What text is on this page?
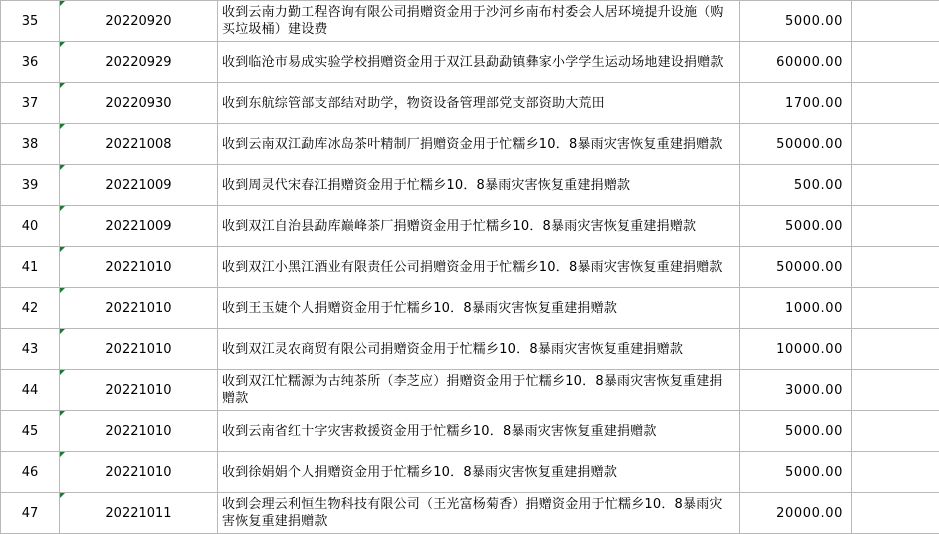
35	20220920	收到云南力勤工程咨询有限公司捐赠资金用于沙河乡南布村委会人居环境提升设施（购买垃圾桶）建设费	5000.00	
36	20220929	收到临沧市易成实验学校捐赠资金用于双江县勐勐镇彝家小学学生运动场地建设捐赠款	60000.00	
37	20220930	收到东航综管部支部结对助学，物资设备管理部党支部资助大荒田	1700.00	
38	20221008	收到云南双江勐库冰岛茶叶精制厂捐赠资金用于忙糯乡10．8暴雨灾害恢复重建捐赠款	50000.00	
39	20221009	收到周灵代宋春江捐赠资金用于忙糯乡10．8暴雨灾害恢复重建捐赠款	500.00	
40	20221009	收到双江自治县勐库巅峰茶厂捐赠资金用于忙糯乡10．8暴雨灾害恢复重建捐赠款	5000.00	
41	20221010	收到双江小黑江酒业有限责任公司捐赠资金用于忙糯乡10．8暴雨灾害恢复重建捐赠款	50000.00	
42	20221010	收到王玉婕个人捐赠资金用于忙糯乡10．8暴雨灾害恢复重建捐赠款	1000.00	
43	20221010	收到双江灵农商贸有限公司捐赠资金用于忙糯乡10．8暴雨灾害恢复重建捐赠款	10000.00	
44	20221010	收到双江忙糯源为古纯茶所（李芝应）捐赠资金用于忙糯乡10．8暴雨灾害恢复重建捐赠款	3000.00	
45	20221010	收到云南省红十字灾害救援资金用于忙糯乡10．8暴雨灾害恢复重建捐赠款	5000.00	
46	20221010	收到徐娟娟个人捐赠资金用于忙糯乡10．8暴雨灾害恢复重建捐赠款	5000.00	
47	20221011	收到会理云利恒生物科技有限公司（王光富杨菊香）捐赠资金用于忙糯乡10．8暴雨灾害恢复重建捐赠款	20000.00	
